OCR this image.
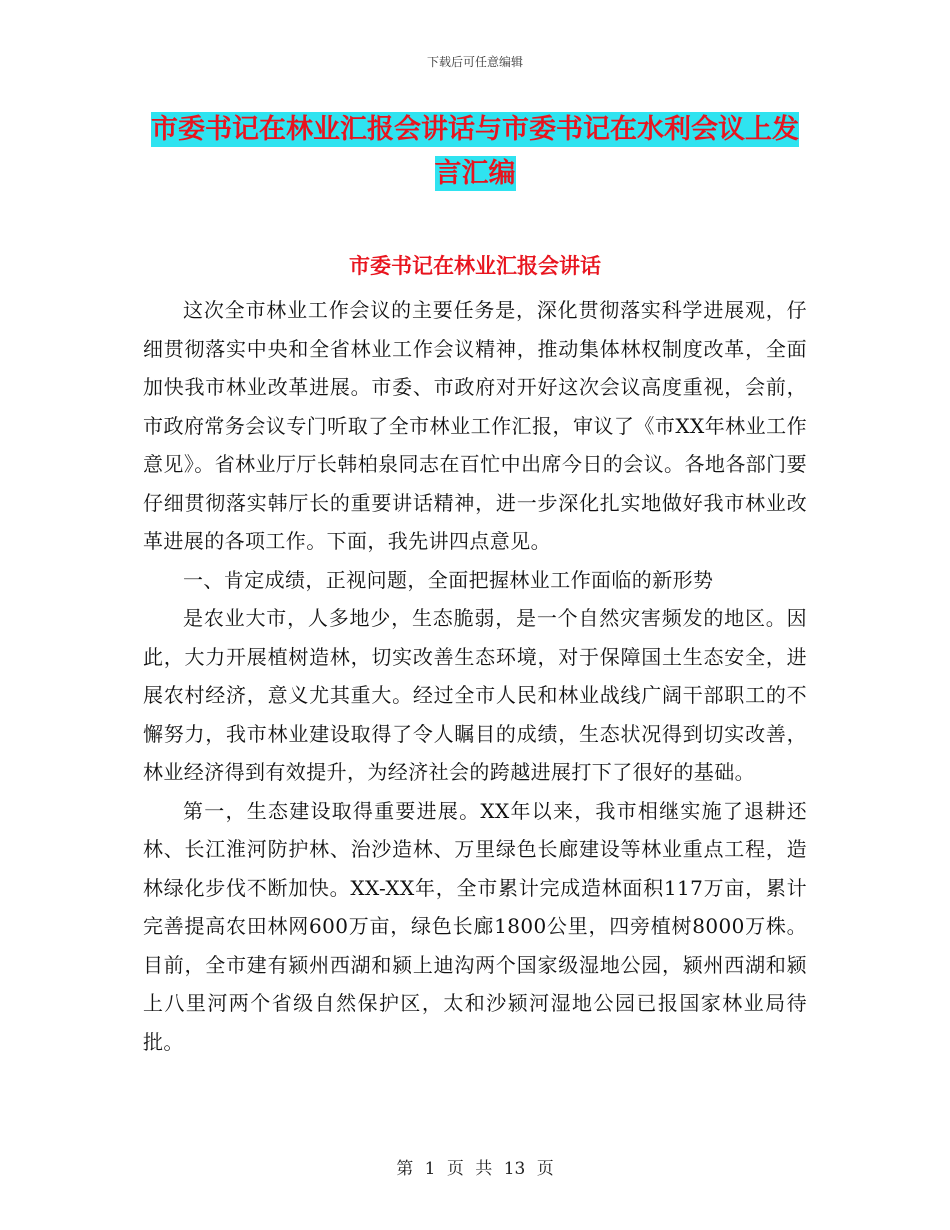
下载后可任意编辑
市委书记在林业汇报会讲话与市委书记在水利会议上发言汇编
市委书记在林业汇报会讲话

这次全市林业工作会议的主要任务是，深化贯彻落实科学进展观，仔细贯彻落实中央和全省林业工作会议精神，推动集体林权制度改革，全面加快我市林业改革进展。市委、市政府对开好这次会议高度重视，会前，市政府常务会议专门听取了全市林业工作汇报，审议了《市XX年林业工作意见》。省林业厅厅长韩柏泉同志在百忙中出席今日的会议。各地各部门要仔细贯彻落实韩厅长的重要讲话精神，进一步深化扎实地做好我市林业改革进展的各项工作。下面，我先讲四点意见。

一、肯定成绩，正视问题，全面把握林业工作面临的新形势

是农业大市，人多地少，生态脆弱，是一个自然灾害频发的地区。因此，大力开展植树造林，切实改善生态环境，对于保障国土生态安全，进展农村经济，意义尤其重大。经过全市人民和林业战线广阔干部职工的不懈努力，我市林业建设取得了令人瞩目的成绩，生态状况得到切实改善，林业经济得到有效提升，为经济社会的跨越进展打下了很好的基础。

第一，生态建设取得重要进展。XX年以来，我市相继实施了退耕还林、长江淮河防护林、治沙造林、万里绿色长廊建设等林业重点工程，造林绿化步伐不断加快。XX-XX年，全市累计完成造林面积117万亩，累计完善提高农田林网600万亩，绿色长廊1800公里，四旁植树8000万株。目前，全市建有颍州西湖和颍上迪沟两个国家级湿地公园，颍州西湖和颍上八里河两个省级自然保护区，太和沙颍河湿地公园已报国家林业局待批。

第 1 页 共 13 页
